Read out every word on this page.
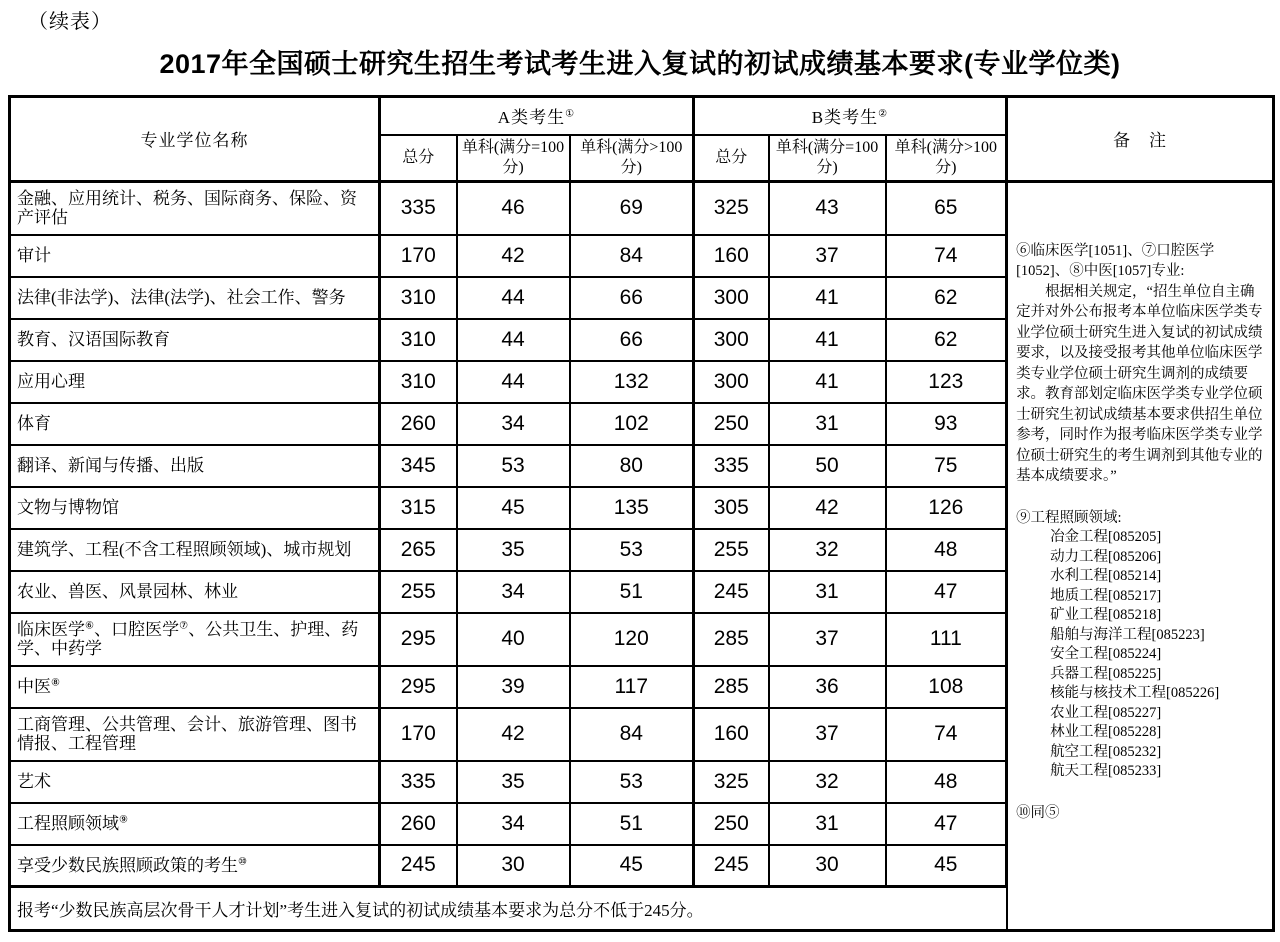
（续表）
2017年全国硕士研究生招生考试考生进入复试的初试成绩基本要求(专业学位类)
专业学位名称	A类考生①			B类考生②			备　注
	总分	单科(满分=100分)	单科(满分>100分)	总分	单科(满分=100分)	单科(满分>100分)	
金融、应用统计、税务、国际商务、保险、资产评估	335	46	69	325	43	65	
⑥临床医学[1051]、⑦口腔医学[1052]、⑧中医[1057]专业:
根据相关规定，“招生单位自主确定并对外公布报考本单位临床医学类专业学位硕士研究生进入复试的初试成绩要求，以及接受报考其他单位临床医学类专业学位硕士研究生调剂的成绩要求。教育部划定临床医学类专业学位硕士研究生初试成绩基本要求供招生单位参考，同时作为报考临床医学类专业学位硕士研究生的考生调剂到其他专业的基本成绩要求。”
⑨工程照顾领域:
冶金工程[085205]
动力工程[085206]
水利工程[085214]
地质工程[085217]
矿业工程[085218]
船舶与海洋工程[085223]
安全工程[085224]
兵器工程[085225]
核能与核技术工程[085226]
农业工程[085227]
林业工程[085228]
航空工程[085232]
航天工程[085233]
⑩同⑤

审计	170	42	84	160	37	74	
法律(非法学)、法律(法学)、社会工作、警务	310	44	66	300	41	62	
教育、汉语国际教育	310	44	66	300	41	62	
应用心理	310	44	132	300	41	123	
体育	260	34	102	250	31	93	
翻译、新闻与传播、出版	345	53	80	335	50	75	
文物与博物馆	315	45	135	305	42	126	
建筑学、工程(不含工程照顾领域)、城市规划	265	35	53	255	32	48	
农业、兽医、风景园林、林业	255	34	51	245	31	47	
临床医学⑥、口腔医学⑦、公共卫生、护理、药学、中药学	295	40	120	285	37	111	
中医⑧	295	39	117	285	36	108	
工商管理、公共管理、会计、旅游管理、图书情报、工程管理	170	42	84	160	37	74	
艺术	335	35	53	325	32	48	
工程照顾领域⑨	260	34	51	250	31	47	
享受少数民族照顾政策的考生⑩	245	30	45	245	30	45	
报考“少数民族高层次骨干人才计划”考生进入复试的初试成绩基本要求为总分不低于245分。							
